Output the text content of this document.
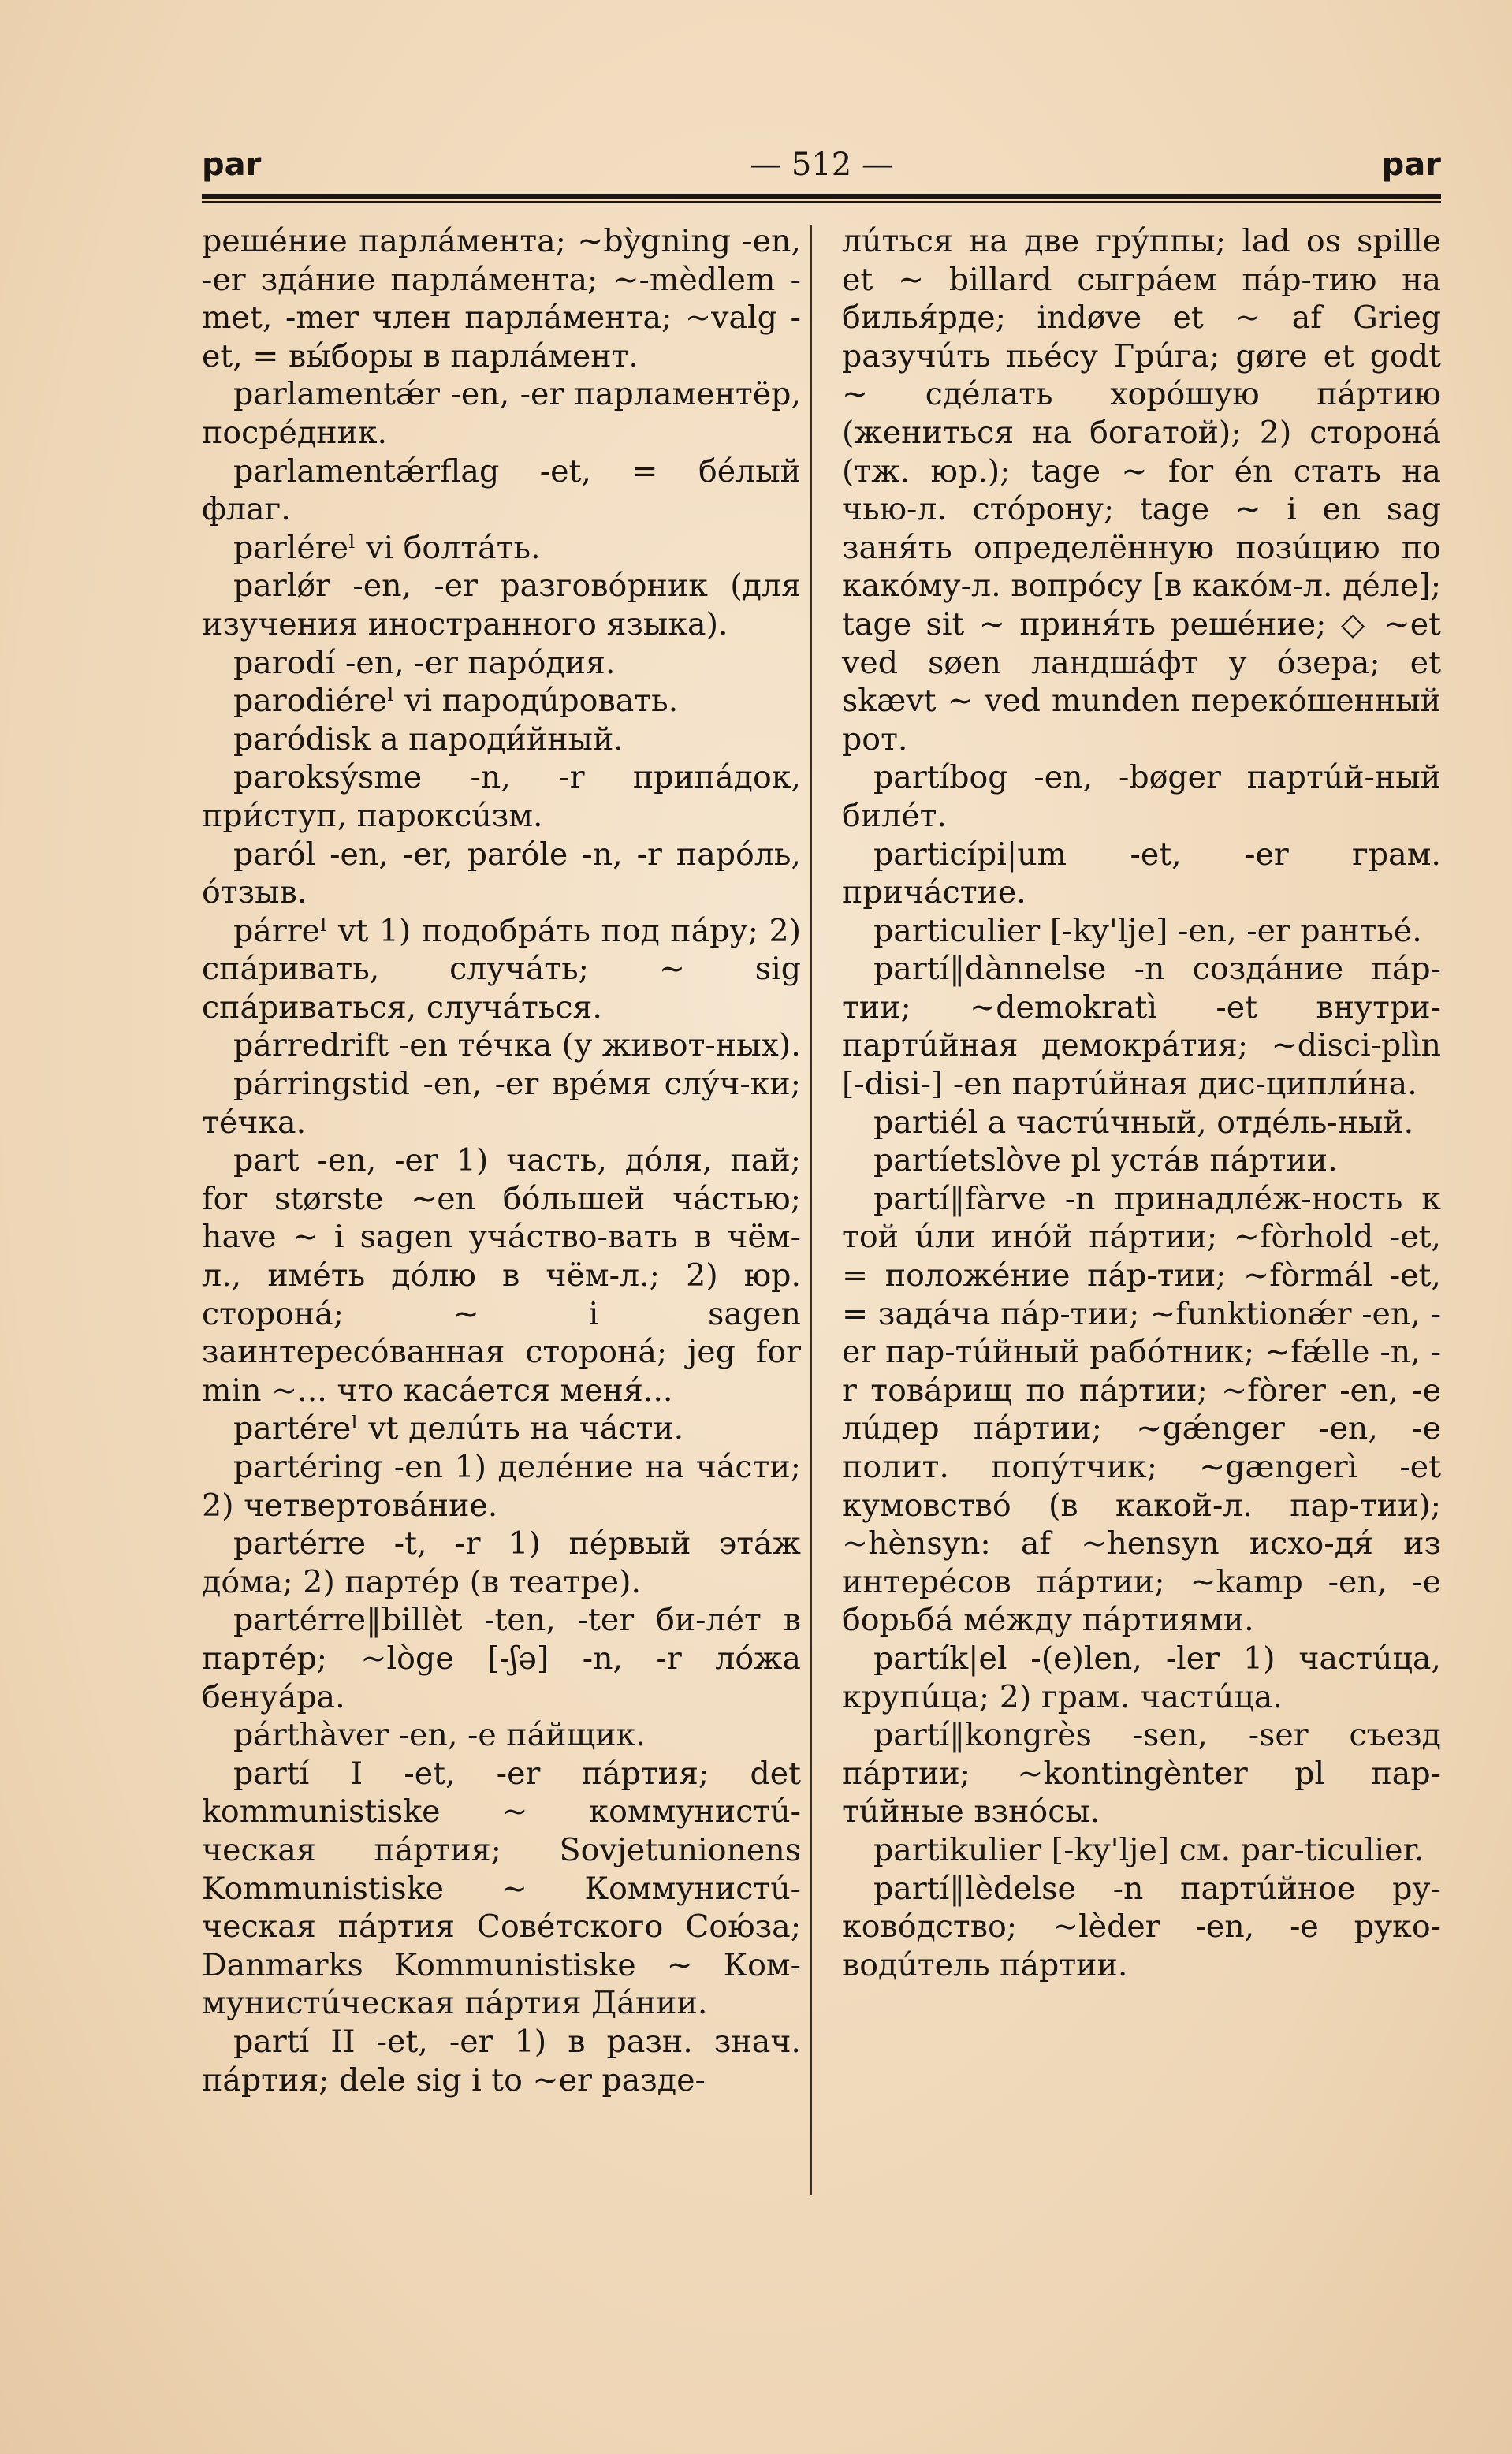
par	— 512 —	par

решéние парлáмента; ~bỳgning -en, -er здáние парлáмента; ~-mèdlem -met, -mer член парлáмента; ~valg -et, = вы́боры в парлáмент.

parlamentǽr -en, -er парламентёр, посрéдник.

parlamentǽrflag -et, = бéлый флаг.

parléreˡ vi болтáть.

parlǿr -en, -er разговóрник (для изучения иностранного языка).

parodí -en, -er парóдия.

parodiéreˡ vi пародúровать.

paródisk a пароди́йный.

paroksýsme -n, -r припáдок, при́ступ, пароксúзм.

paról -en, -er, paróle -n, -r парóль, óтзыв.

párreˡ vt 1) подобрáть под пáру; 2) спáривать, случáть; ~ sig спáриваться, случáться.

párredrift -en тéчка (у живот-ных).

párringstid -en, -er врéмя слýч-ки; тéчка.

part -en, -er 1) часть, дóля, пай; for største ~en бóльшей чáстью; have ~ i sagen учáство-вать в чём-л., имéть дóлю в чём-л.; 2) юр. сторонá; ~ i sagen заинтересóванная сторонá; jeg for min ~... что касáется меня́...

partéreˡ vt делúть на чáсти.

partéring -en 1) делéние на чáсти; 2) четвертовáние.

partérre -t, -r 1) пéрвый этáж дóма; 2) партéр (в театре).

partérre‖billèt -ten, -ter би-лéт в партéр; ~lòge [-ʃə] -n, -r лóжа бенуáра.

párthàver -en, -e пáйщик.

partí I -et, -er пáртия; det kommunistiske ~ коммунистú-ческая пáртия; Sovjetunionens Kommunistiske ~ Коммунистú-ческая пáртия Совéтского Сою́за; Danmarks Kommunistiske ~ Ком-мунистúческая пáртия Дáнии.

partí II -et, -er 1) в разн. знач. пáртия; dele sig i to ~er разде-

лúться на две грýппы; lad os spille et ~ billard сыгрáем пáр-тию на билья́рде; indøve et ~ af Grieg разучúть пьéсу Грúга; gøre et godt ~ сдéлать хорóшую пáртию (жениться на богатой); 2) сторонá (тж. юр.); tage ~ for én стать на чью-л. стóрону; tage ~ i en sag заня́ть определённую позúцию по какóму-л. вопрóсу [в какóм-л. дéле]; tage sit ~ приня́ть решéние; ◇ ~et ved søen ландшáфт у óзера; et skævt ~ ved munden перекóшенный рот.

partíbog -en, -bøger партúй-ный билéт.

particípi|um -et, -er грам. причáстие.

particulier [-ky'lje] -en, -er рантьé.

partí‖dànnelse -n создáние пáр-тии; ~demokratì -et внутри-партúйная демокрáтия; ~disci-plìn [-disi-] -en партúйная дис-ципли́на.

partiél a частúчный, отдéль-ный.

partíetslòve pl устáв пáртии.

partí‖fàrve -n принадлéж-ность к той úли инóй пáртии; ~fòrhold -et, = положéние пáр-тии; ~fòrmál -et, = задáча пáр-тии; ~funktionǽr -en, -er пар-тúйный рабóтник; ~fǽlle -n, -r товáрищ по пáртии; ~fòrer -en, -e лúдер пáртии; ~gǽnger -en, -e полит. попýтчик; ~gængerì -et кумовствó (в какой-л. пар-тии); ~hènsyn: af ~hensyn исхо-дя́ из интерéсов пáртии; ~kamp -en, -e борьбá мéжду пáртиями.

partík|el -(e)len, -ler 1) частúца, крупúца; 2) грам. частúца.

partí‖kongrès -sen, -ser съезд пáртии; ~kontingènter pl пар-тúйные взнóсы.

partikulier [-ky'lje] см. par-ticulier.

partí‖lèdelse -n партúйное ру-ковóдство; ~lèder -en, -e руко-водúтель пáртии.
